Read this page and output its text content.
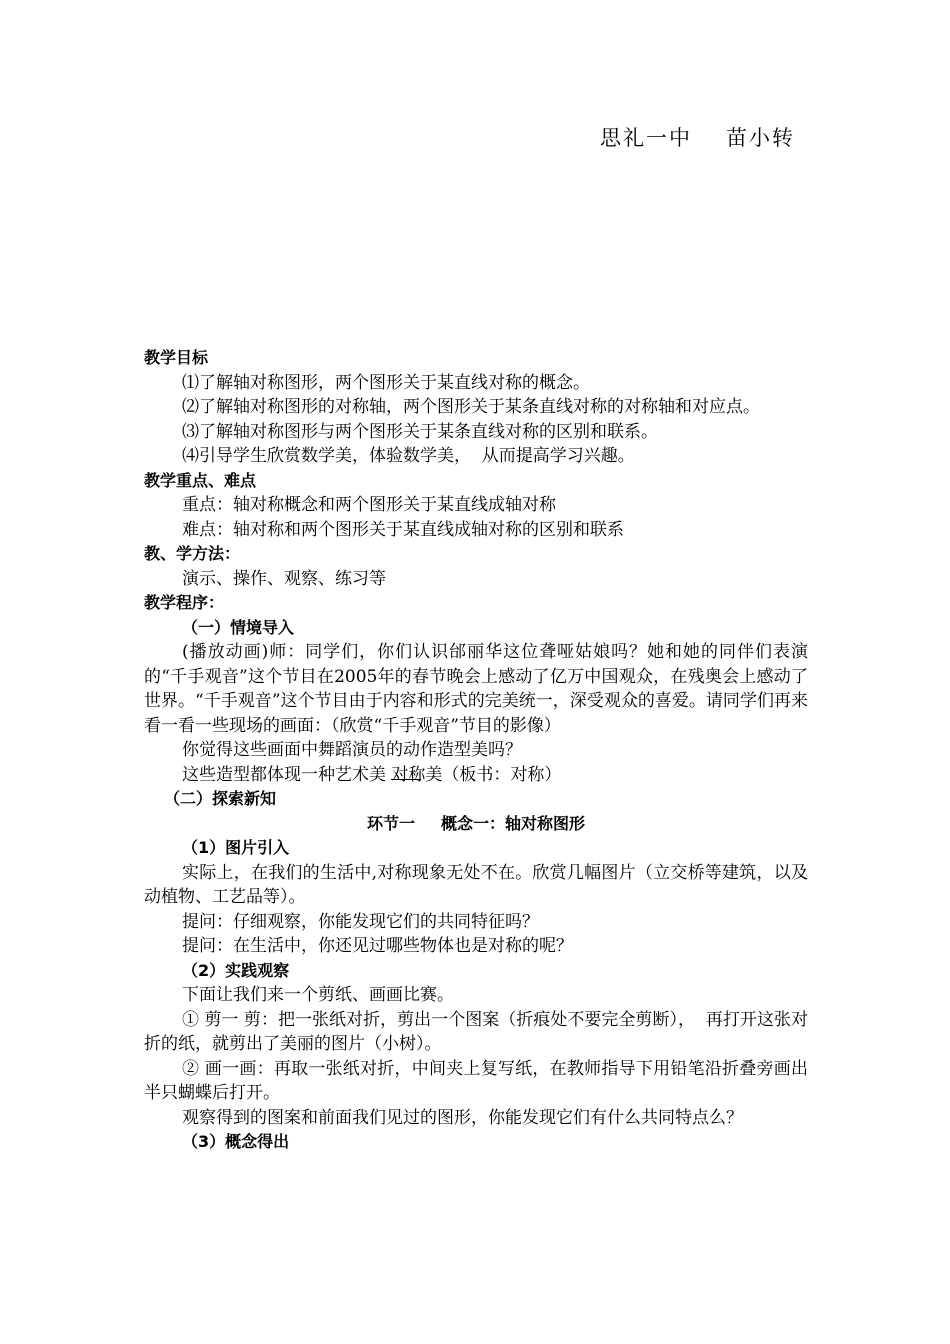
思礼一中 苗小转

教学目标

⑴了解轴对称图形，两个图形关于某直线对称的概念。

⑵了解轴对称图形的对称轴，两个图形关于某条直线对称的对称轴和对应点。

⑶了解轴对称图形与两个图形关于某条直线对称的区别和联系。

⑷引导学生欣赏数学美，体验数学美，  从而提高学习兴趣。

教学重点、难点

重点：轴对称概念和两个图形关于某直线成轴对称

难点：轴对称和两个图形关于某直线成轴对称的区别和联系

教、学方法：

演示、操作、观察、练习等

教学程序：

（一）情境导入

(播放动画)师：同学们，你们认识邰丽华这位聋哑姑娘吗？她和她的同伴们表演的“千手观音”这个节目在2005年的春节晚会上感动了亿万中国观众，在残奥会上感动了世界。“千手观音”这个节目由于内容和形式的完美统一，深受观众的喜爱。请同学们再来看一看一些现场的画面：（欣赏“千手观音”节目的影像）

你觉得这些画面中舞蹈演员的动作造型美吗？

这些造型都体现一种艺术美 对称美（板书：对称）

（二）探索新知

环节一 概念一：轴对称图形

（1）图片引入

实际上，在我们的生活中,对称现象无处不在。欣赏几幅图片（立交桥等建筑，以及动植物、工艺品等）。

提问：仔细观察，你能发现它们的共同特征吗？

提问：在生活中，你还见过哪些物体也是对称的呢？

（2）实践观察

下面让我们来一个剪纸、画画比赛。

① 剪一 剪：把一张纸对折，剪出一个图案（折痕处不要完全剪断），  再打开这张对折的纸，就剪出了美丽的图片（小树）。

② 画一画：再取一张纸对折，中间夹上复写纸，在教师指导下用铅笔沿折叠旁画出半只蝴蝶后打开。

观察得到的图案和前面我们见过的图形，你能发现它们有什么共同特点么？

（3）概念得出
